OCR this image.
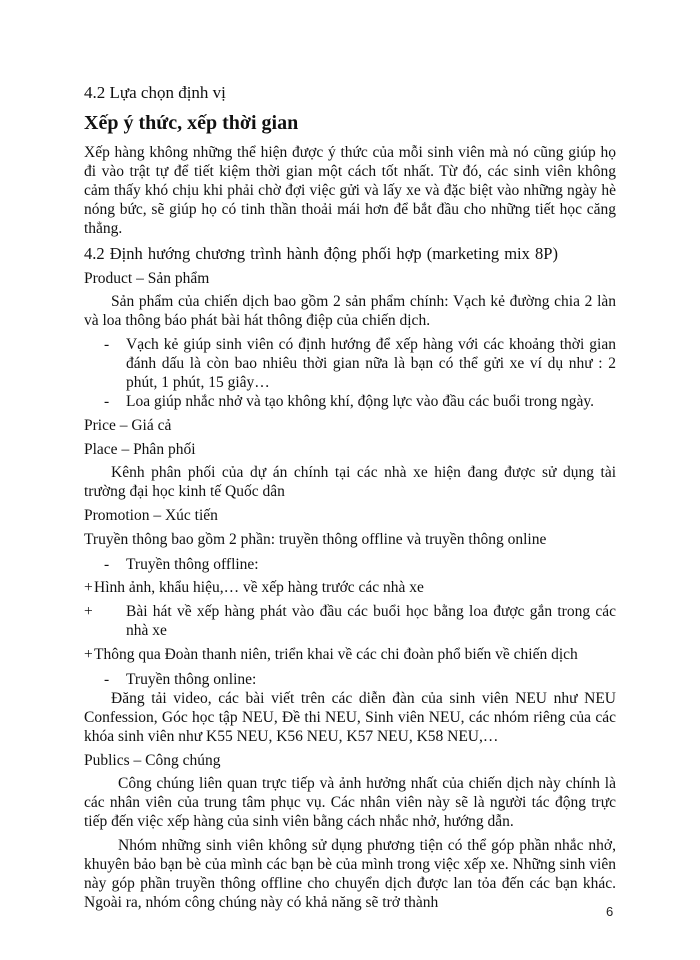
4.2 Lựa chọn định vị

Xếp ý thức, xếp thời gian

Xếp hàng không những thể hiện được ý thức của mỗi sinh viên mà nó cũng giúp họ đi vào trật tự để tiết kiệm thời gian một cách tốt nhất. Từ đó, các sinh viên không cảm thấy khó chịu khi phải chờ đợi việc gửi và lấy xe và đặc biệt vào những ngày hè nóng bức, sẽ giúp họ có tinh thần thoải mái hơn để bắt đầu cho những tiết học căng thẳng.

4.2 Định hướng chương trình hành động phối hợp (marketing mix 8P)

Product – Sản phẩm

Sản phẩm của chiến dịch bao gồm 2 sản phẩm chính: Vạch kẻ đường chia 2 làn và loa thông báo phát bài hát thông điệp của chiến dịch.

- Vạch kẻ giúp sinh viên có định hướng để xếp hàng với các khoảng thời gian đánh dấu là còn bao nhiêu thời gian nữa là bạn có thể gửi xe ví dụ như : 2 phút, 1 phút, 15 giây…
- Loa giúp nhắc nhở và tạo không khí, động lực vào đầu các buổi trong ngày.

Price – Giá cả

Place – Phân phối

Kênh phân phối của dự án chính tại các nhà xe hiện đang được sử dụng tài trường đại học kinh tế Quốc dân

Promotion – Xúc tiến

Truyền thông bao gồm 2 phần: truyền thông offline và truyền thông online

- Truyền thông offline:

+ Hình ảnh, khẩu hiệu,… về xếp hàng trước các nhà xe

+ Bài hát về xếp hàng phát vào đầu các buổi học bằng loa được gắn trong các nhà xe

+ Thông qua Đoàn thanh niên, triển khai về các chi đoàn phổ biến về chiến dịch

- Truyền thông online:

Đăng tải video, các bài viết trên các diễn đàn của sinh viên NEU như NEU Confession, Góc học tập NEU, Đề thi NEU, Sinh viên NEU, các nhóm riêng của các khóa sinh viên như K55 NEU, K56 NEU, K57 NEU, K58 NEU,…

Publics – Công chúng

Công chúng liên quan trực tiếp và ảnh hưởng nhất của chiến dịch này chính là các nhân viên của trung tâm phục vụ. Các nhân viên này sẽ là người tác động trực tiếp đến việc xếp hàng của sinh viên bằng cách nhắc nhở, hướng dẫn.

Nhóm những sinh viên không sử dụng phương tiện có thể góp phần nhắc nhở, khuyên bảo bạn bè của mình các bạn bè của mình trong việc xếp xe. Những sinh viên này góp phần truyền thông offline cho chuyển dịch được lan tỏa đến các bạn khác. Ngoài ra, nhóm công chúng này có khả năng sẽ trở thành

6
